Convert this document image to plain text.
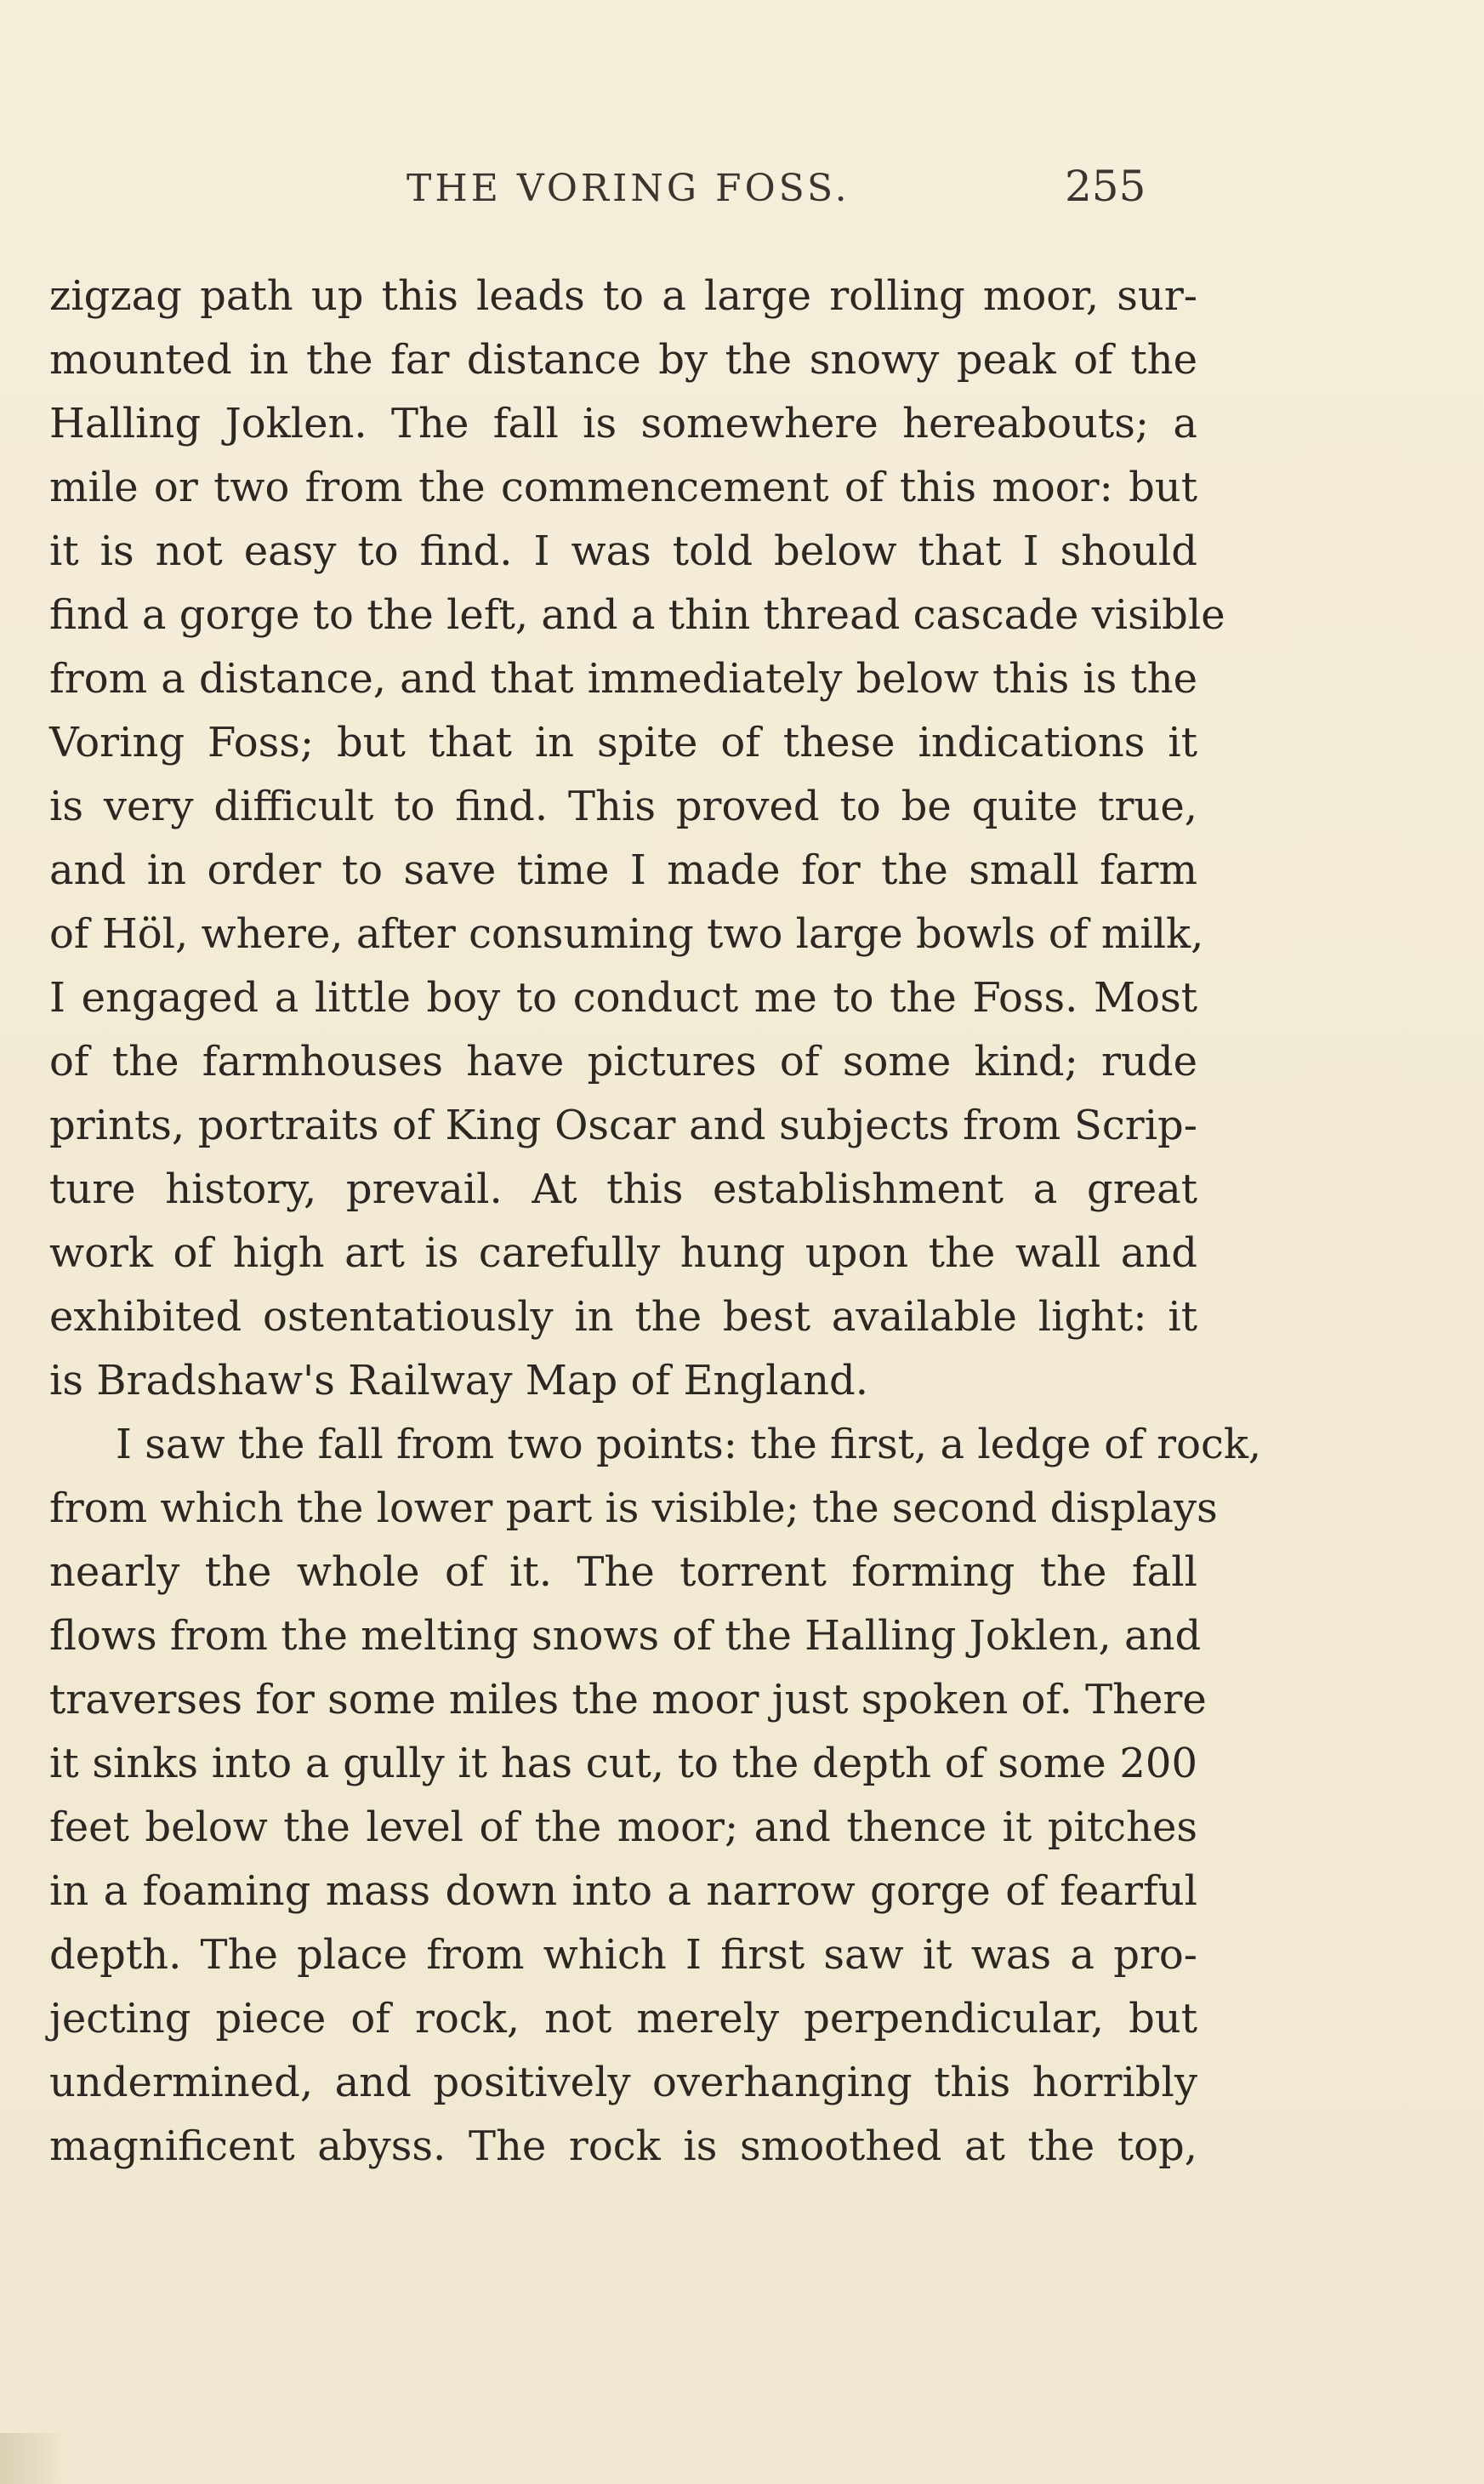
THE VORING FOSS.	255
zigzag path up this leads to a large rolling moor, sur-
mounted in the far distance by the snowy peak of the
Halling Joklen. The fall is somewhere hereabouts; a
mile or two from the commencement of this moor: but
it is not easy to find. I was told below that I should
find a gorge to the left, and a thin thread cascade visible
from a distance, and that immediately below this is the
Voring Foss; but that in spite of these indications it
is very difficult to find. This proved to be quite true,
and in order to save time I made for the small farm
of Höl, where, after consuming two large bowls of milk,
I engaged a little boy to conduct me to the Foss. Most
of the farmhouses have pictures of some kind; rude
prints, portraits of King Oscar and subjects from Scrip-
ture history, prevail. At this establishment a great
work of high art is carefully hung upon the wall and
exhibited ostentatiously in the best available light: it
is Bradshaw's Railway Map of England.
I saw the fall from two points: the first, a ledge of rock,
from which the lower part is visible; the second displays
nearly the whole of it. The torrent forming the fall
flows from the melting snows of the Halling Joklen, and
traverses for some miles the moor just spoken of. There
it sinks into a gully it has cut, to the depth of some 200
feet below the level of the moor; and thence it pitches
in a foaming mass down into a narrow gorge of fearful
depth. The place from which I first saw it was a pro-
jecting piece of rock, not merely perpendicular, but
undermined, and positively overhanging this horribly
magnificent abyss. The rock is smoothed at the top,
